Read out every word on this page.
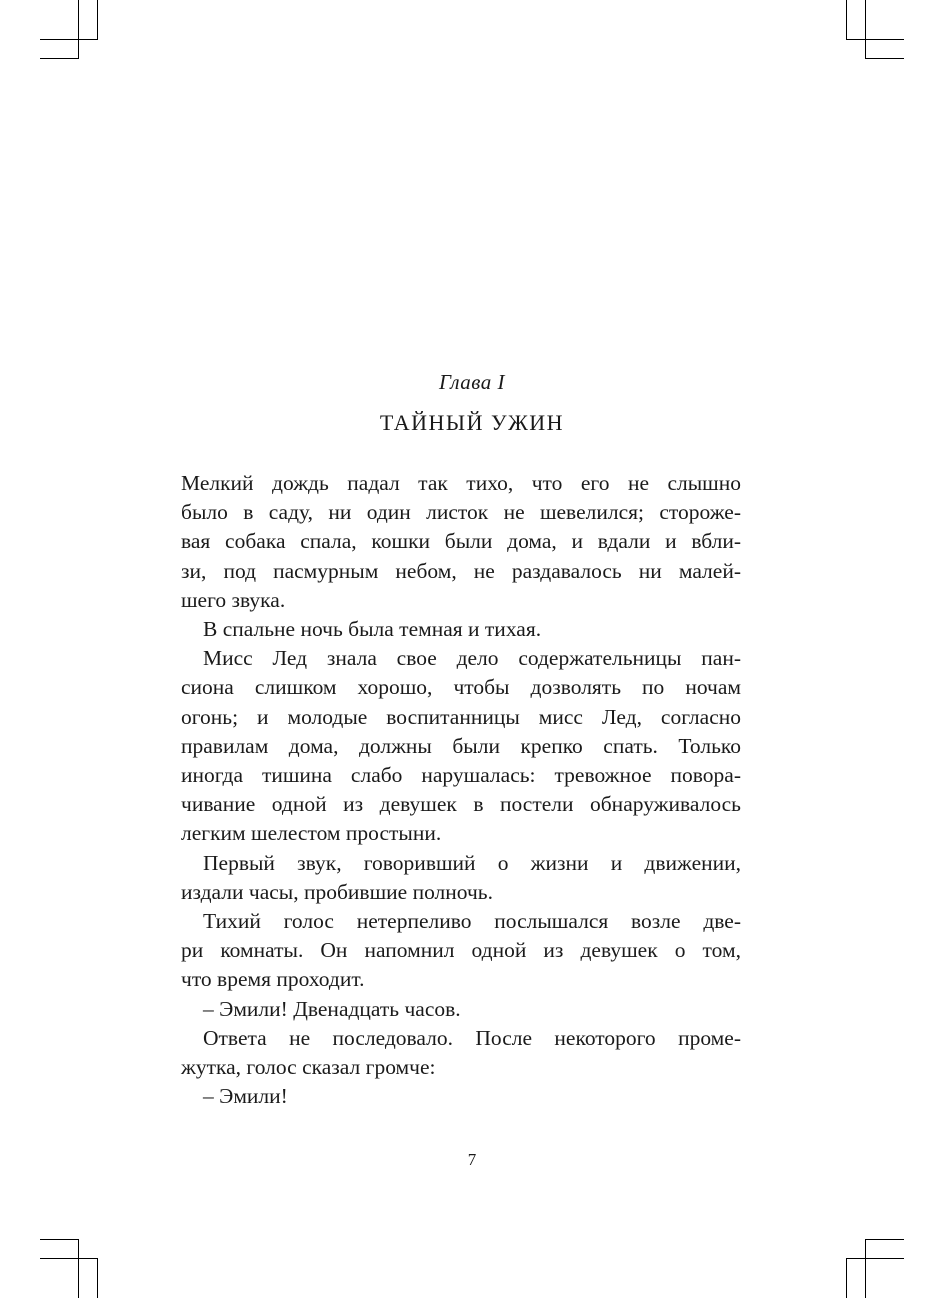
Глава I
ТАЙНЫЙ УЖИН
Мелкий дождь падал так тихо, что его не слышно
было в саду, ни один листок не шевелился; стороже-
вая собака спала, кошки были дома, и вдали и вбли-
зи, под пасмурным небом, не раздавалось ни малей-
шего звука.
В спальне ночь была темная и тихая.
Мисс Лед знала свое дело содержательницы пан-
сиона слишком хорошо, чтобы дозволять по ночам
огонь; и молодые воспитанницы мисс Лед, согласно
правилам дома, должны были крепко спать. Только
иногда тишина слабо нарушалась: тревожное повора-
чивание одной из девушек в постели обнаруживалось
легким шелестом простыни.
Первый звук, говоривший о жизни и движении,
издали часы, пробившие полночь.
Тихий голос нетерпеливо послышался возле две-
ри комнаты. Он напомнил одной из девушек о том,
что время проходит.
– Эмили! Двенадцать часов.
Ответа не последовало. После некоторого проме-
жутка, голос сказал громче:
– Эмили!
7
